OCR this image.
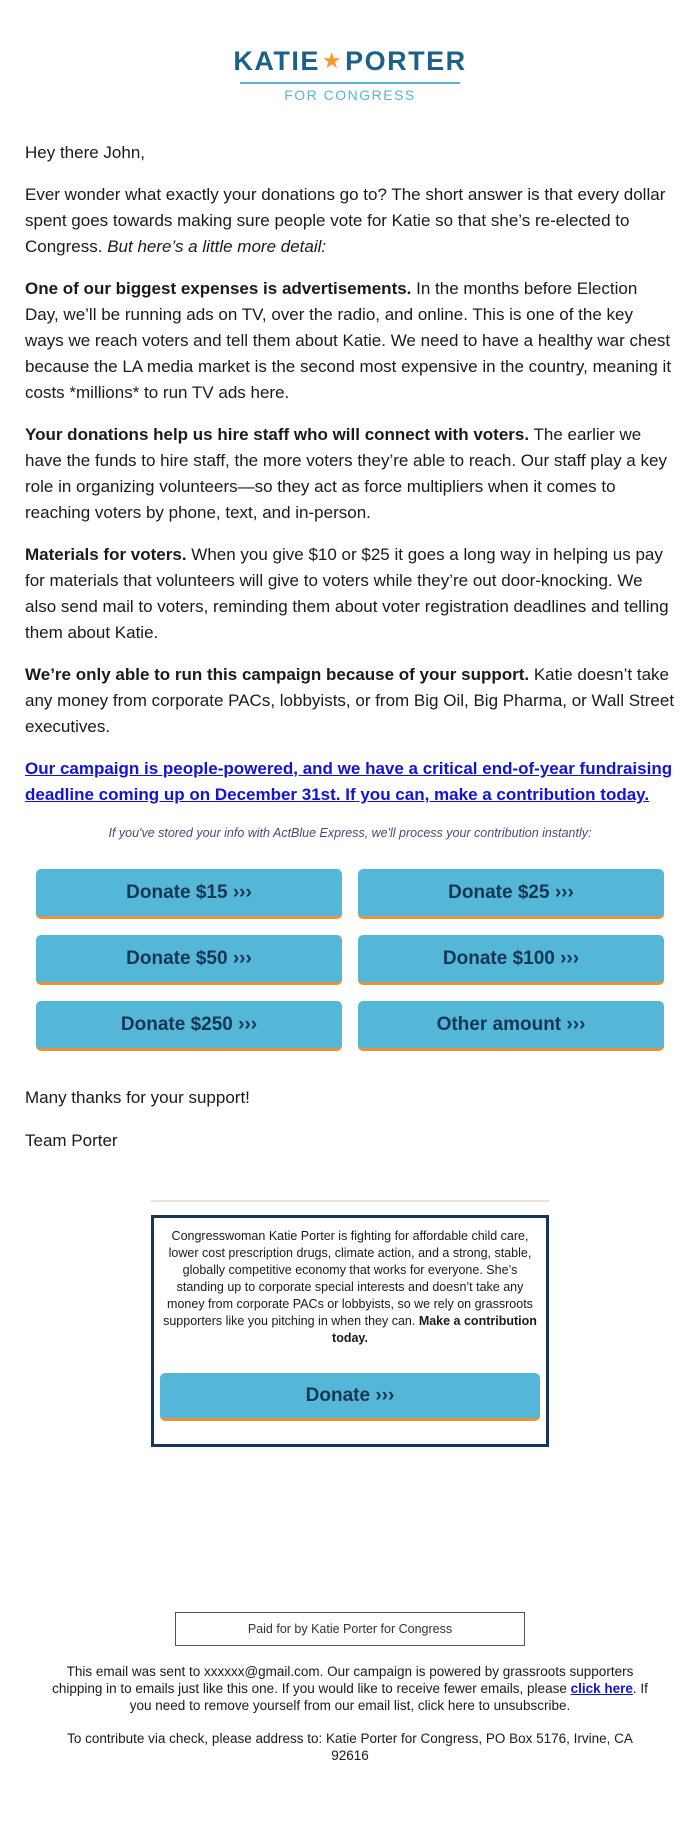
KATIE★PORTER
FOR CONGRESS

Hey there John,

Ever wonder what exactly your donations go to? The short answer is that every dollar spent goes towards making sure people vote for Katie so that she’s re-elected to Congress. But here’s a little more detail:

One of our biggest expenses is advertisements. In the months before Election Day, we’ll be running ads on TV, over the radio, and online. This is one of the key ways we reach voters and tell them about Katie. We need to have a healthy war chest because the LA media market is the second most expensive in the country, meaning it costs *millions* to run TV ads here.

Your donations help us hire staff who will connect with voters. The earlier we have the funds to hire staff, the more voters they’re able to reach. Our staff play a key role in organizing volunteers—so they act as force multipliers when it comes to reaching voters by phone, text, and in-person.

Materials for voters. When you give $10 or $25 it goes a long way in helping us pay for materials that volunteers will give to voters while they’re out door-knocking. We also send mail to voters, reminding them about voter registration deadlines and telling them about Katie.

We’re only able to run this campaign because of your support. Katie doesn’t take any money from corporate PACs, lobbyists, or from Big Oil, Big Pharma, or Wall Street executives.

Our campaign is people-powered, and we have a critical end-of-year fundraising deadline coming up on December 31st. If you can, make a contribution today.

If you've stored your info with ActBlue Express, we'll process your contribution instantly:
Donate $15 ›››	Donate $25 ›››
Donate $50 ›››	Donate $100 ›››
Donate $250 ›››	Other amount ›››
Many thanks for your support!
Team Porter
Congresswoman Katie Porter is fighting for affordable child care, lower cost prescription drugs, climate action, and a strong, stable, globally competitive economy that works for everyone. She’s standing up to corporate special interests and doesn’t take any money from corporate PACs or lobbyists, so we rely on grassroots supporters like you pitching in when they can. Make a contribution today.
Donate ›››
Paid for by Katie Porter for Congress

This email was sent to xxxxxx@gmail.com. Our campaign is powered by grassroots supporters chipping in to emails just like this one. If you would like to receive fewer emails, please click here. If you need to remove yourself from our email list, click here to unsubscribe.

To contribute via check, please address to: Katie Porter for Congress, PO Box 5176, Irvine, CA 92616
